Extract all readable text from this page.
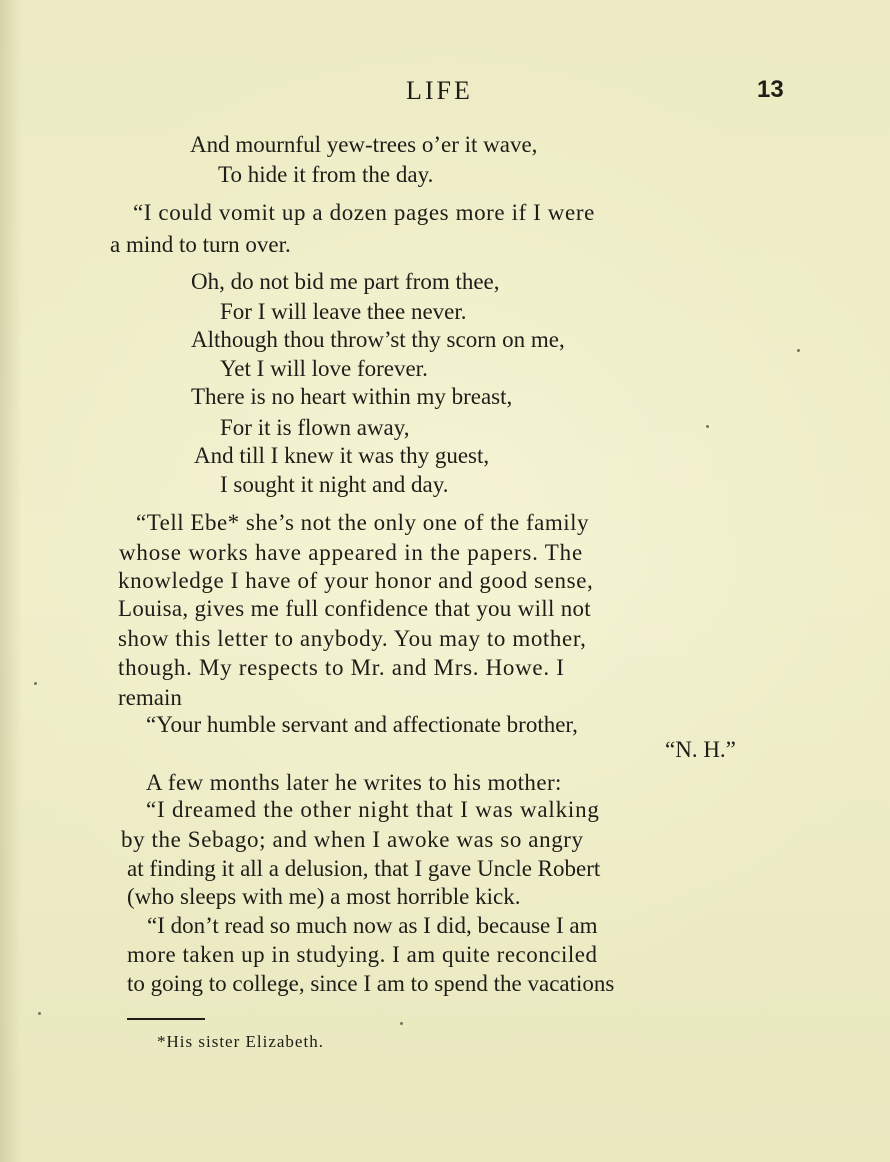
LIFE	13
And mournful yew-trees o’er it wave,
To hide it from the day.
“I could vomit up a dozen pages more if I were
a mind to turn over.
Oh, do not bid me part from thee,
For I will leave thee never.
Although thou throw’st thy scorn on me,
Yet I will love forever.
There is no heart within my breast,
For it is flown away,
And till I knew it was thy guest,
I sought it night and day.
“Tell Ebe* she’s not the only one of the family
whose works have appeared in the papers. The
knowledge I have of your honor and good sense,
Louisa, gives me full confidence that you will not
show this letter to anybody. You may to mother,
though. My respects to Mr. and Mrs. Howe. I
remain
“Your humble servant and affectionate brother,
“N. H.”
A few months later he writes to his mother:
“I dreamed the other night that I was walking
by the Sebago; and when I awoke was so angry
at finding it all a delusion, that I gave Uncle Robert
(who sleeps with me) a most horrible kick.
“I don’t read so much now as I did, because I am
more taken up in studying. I am quite reconciled
to going to college, since I am to spend the vacations
*His sister Elizabeth.
